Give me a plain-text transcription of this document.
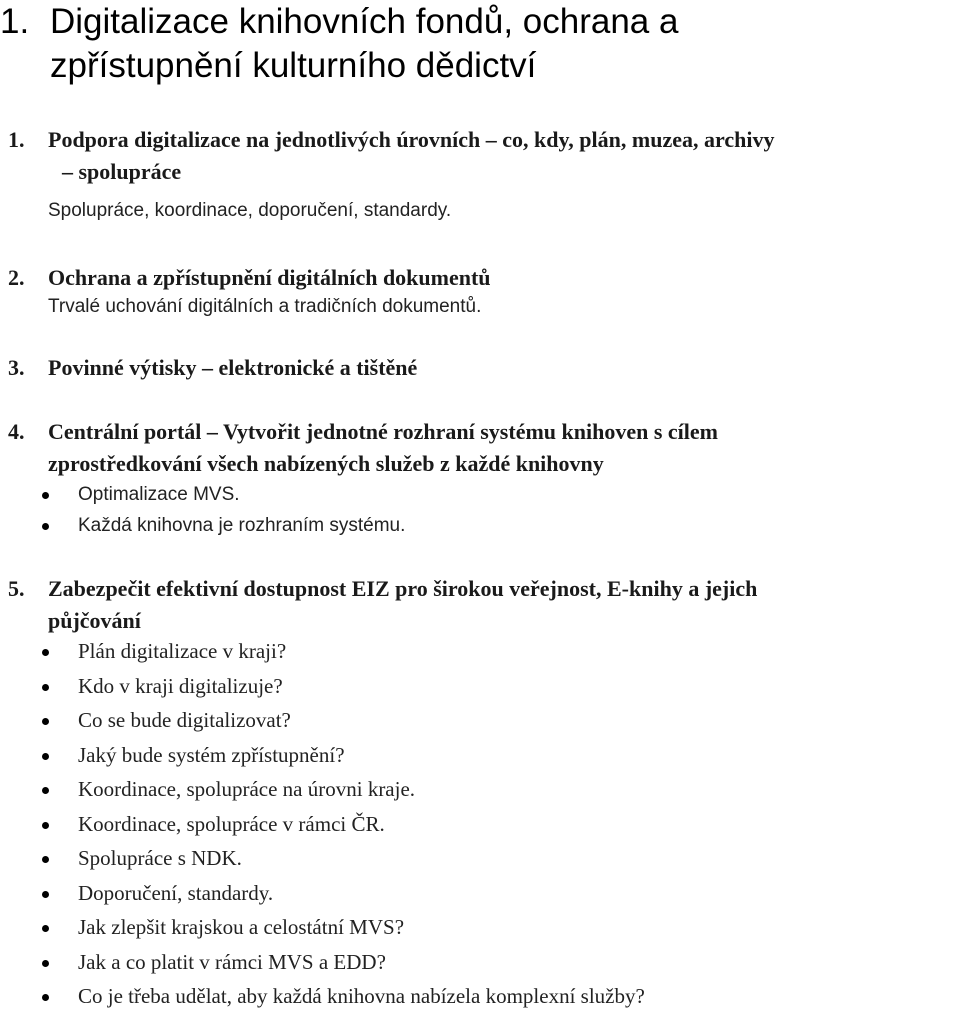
1. Digitalizace knihovních fondů, ochrana a
zpřístupnění kulturního dědictví
1. Podpora digitalizace na jednotlivých úrovních – co, kdy, plán, muzea, archivy
– spolupráce
Spolupráce, koordinace, doporučení, standardy.
2. Ochrana a zpřístupnění digitálních dokumentů
Trvalé uchování digitálních a tradičních dokumentů.
3. Povinné výtisky – elektronické a tištěné
4. Centrální portál – Vytvořit jednotné rozhraní systému knihoven s cílem
zprostředkování všech nabízených služeb z každé knihovny
Optimalizace MVS.
Každá knihovna je rozhraním systému.
5. Zabezpečit efektivní dostupnost EIZ pro širokou veřejnost, E-knihy a jejich
půjčování
Plán digitalizace v kraji?
Kdo v kraji digitalizuje?
Co se bude digitalizovat?
Jaký bude systém zpřístupnění?
Koordinace, spolupráce na úrovni kraje.
Koordinace, spolupráce v rámci ČR.
Spolupráce s NDK.
Doporučení, standardy.
Jak zlepšit krajskou a celostátní MVS?
Jak a co platit v rámci MVS a EDD?
Co je třeba udělat, aby každá knihovna nabízela komplexní služby?
